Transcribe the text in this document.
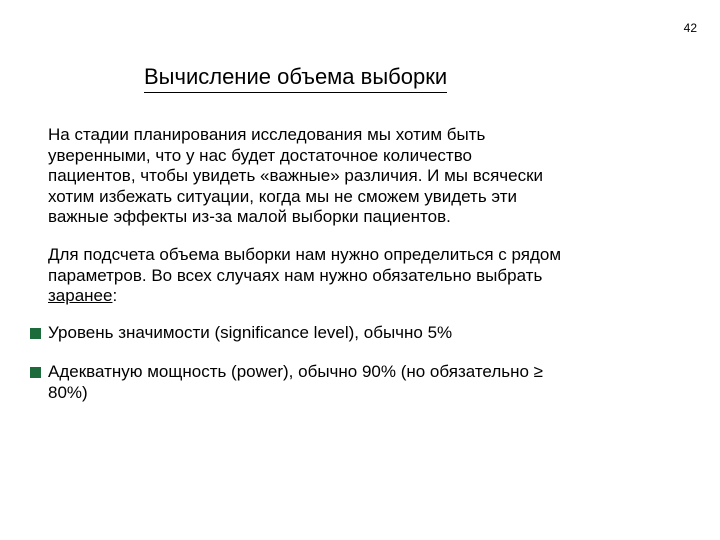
42
Вычисление объема выборки
На стадии планирования исследования мы хотим быть
уверенными, что у нас будет достаточное количество
пациентов, чтобы увидеть «важные» различия. И мы всячески
хотим избежать ситуации, когда мы не сможем увидеть эти
важные эффекты из-за малой выборки пациентов.
Для подсчета объема выборки нам нужно определиться с рядом
параметров. Во всех случаях нам нужно обязательно выбрать
заранее:
Уровень значимости (significance level), обычно 5%
Адекватную мощность (power), обычно 90% (но обязательно ≥
80%)
